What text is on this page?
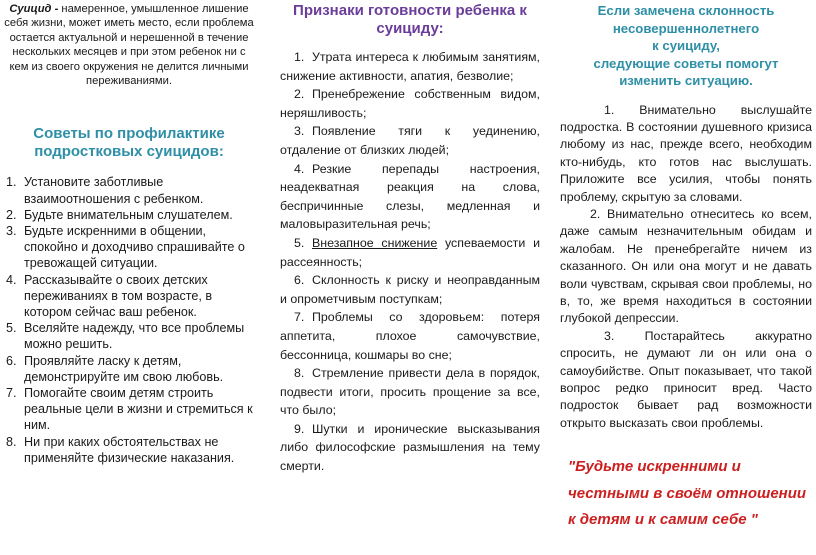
Суицид - намеренное, умышленное лишение себя жизни, может иметь место, если проблема остается актуальной и нерешенной в течение нескольких месяцев и при этом ребенок ни с кем из своего окружения не делится личными переживаниями.

Советы по профилактике подростковых суицидов:

1. Установите заботливые взаимоотношения с ребенком.
2. Будьте внимательным слушателем.
3. Будьте искренними в общении, спокойно и доходчиво спрашивайте о тревожащей ситуации.
4. Рассказывайте о своих детских переживаниях в том возрасте, в котором сейчас ваш ребенок.
5. Вселяйте надежду, что все проблемы можно решить.
6. Проявляйте ласку к детям, демонстрируйте им свою любовь.
7. Помогайте своим детям строить реальные цели в жизни и стремиться к ним.
8. Ни при каких обстоятельствах не применяйте физические наказания.

Признаки готовности ребенка к суициду:

1. Утрата интереса к любимым занятиям, снижение активности, апатия, безволие;
2. Пренебрежение собственным видом, неряшливость;
3. Появление тяги к уединению, отдаление от близких людей;
4. Резкие перепады настроения, неадекватная реакция на слова, беспричинные слезы, медленная и маловыразительная речь;
5. Внезапное снижение успеваемости и рассеянность;
6. Склонность к риску и неоправданным и опрометчивым поступкам;
7. Проблемы со здоровьем: потеря аппетита, плохое самочувствие, бессонница, кошмары во сне;
8. Стремление привести дела в порядок, подвести итоги, просить прощение за все, что было;
9. Шутки и иронические высказывания либо философские размышления на тему смерти.
Если замечена склонность
несовершеннолетнего
к суициду,
следующие советы помогут
изменить ситуацию.

1. Внимательно выслушайте подростка. В состоянии душевного кризиса любому из нас, прежде всего, необходим кто-нибудь, кто готов нас выслушать. Приложите все усилия, чтобы понять проблему, скрытую за словами.

2. Внимательно отнеситесь ко всем, даже самым незначительным обидам и жалобам. Не пренебрегайте ничем из сказанного. Он или она могут и не давать воли чувствам, скрывая свои проблемы, но в, то, же время находиться в состоянии глубокой депрессии.

3. Постарайтесь аккуратно спросить, не думают ли он или она о самоубийстве. Опыт показывает, что такой вопрос редко приносит вред. Часто подросток бывает рад возможности открыто высказать свои проблемы.

"Будьте искренними и
честными в своём отношении
к детям и к самим себе "
